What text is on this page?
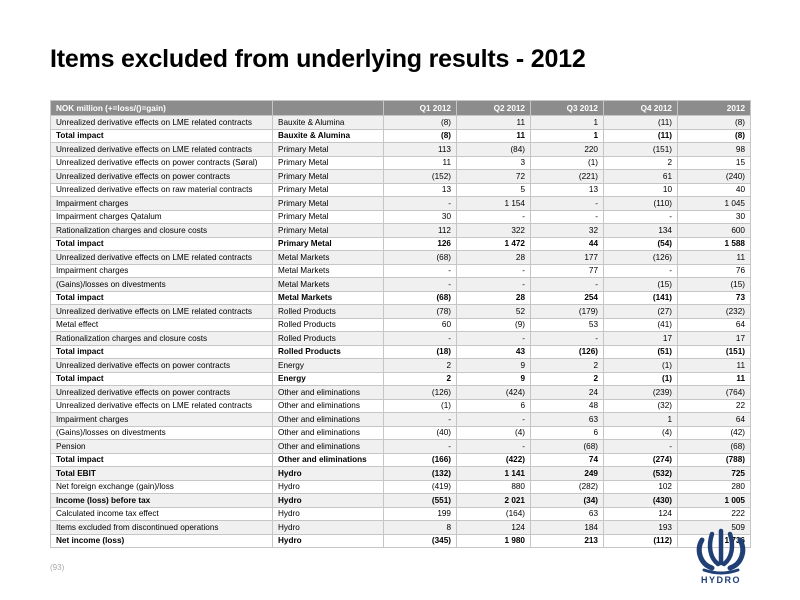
Items excluded from underlying results - 2012
NOK million (+=loss/()=gain)		Q1 2012	Q2 2012	Q3 2012	Q4 2012	2012
Unrealized derivative effects on LME related contracts	Bauxite & Alumina	(8)	11	1	(11)	(8)
Total impact	Bauxite & Alumina	(8)	11	1	(11)	(8)
Unrealized derivative effects on LME related contracts	Primary Metal	113	(84)	220	(151)	98
Unrealized derivative effects on power contracts (Søral)	Primary Metal	11	3	(1)	2	15
Unrealized derivative effects on power contracts	Primary Metal	(152)	72	(221)	61	(240)
Unrealized derivative effects on raw material contracts	Primary Metal	13	5	13	10	40
Impairment charges	Primary Metal	-	1 154	-	(110)	1 045
Impairment charges Qatalum	Primary Metal	30	-	-	-	30
Rationalization charges and closure costs	Primary Metal	112	322	32	134	600
Total impact	Primary Metal	126	1 472	44	(54)	1 588
Unrealized derivative effects on LME related contracts	Metal Markets	(68)	28	177	(126)	11
Impairment charges	Metal Markets	-	-	77	-	76
(Gains)/losses on divestments	Metal Markets	-	-	-	(15)	(15)
Total impact	Metal Markets	(68)	28	254	(141)	73
Unrealized derivative effects on LME related contracts	Rolled Products	(78)	52	(179)	(27)	(232)
Metal effect	Rolled Products	60	(9)	53	(41)	64
Rationalization charges and closure costs	Rolled Products	-	-	-	17	17
Total impact	Rolled Products	(18)	43	(126)	(51)	(151)
Unrealized derivative effects on power contracts	Energy	2	9	2	(1)	11
Total impact	Energy	2	9	2	(1)	11
Unrealized derivative effects on power contracts	Other and eliminations	(126)	(424)	24	(239)	(764)
Unrealized derivative effects on LME related contracts	Other and eliminations	(1)	6	48	(32)	22
Impairment charges	Other and eliminations	-	-	63	1	64
(Gains)/losses on divestments	Other and eliminations	(40)	(4)	6	(4)	(42)
Pension	Other and eliminations	-	-	(68)	-	(68)
Total impact	Other and eliminations	(166)	(422)	74	(274)	(788)
Total EBIT	Hydro	(132)	1 141	249	(532)	725
Net foreign exchange (gain)/loss	Hydro	(419)	880	(282)	102	280
Income (loss) before tax	Hydro	(551)	2 021	(34)	(430)	1 005
Calculated income tax effect	Hydro	199	(164)	63	124	222
Items excluded from discontinued operations	Hydro	8	124	184	193	509
Net income (loss)	Hydro	(345)	1 980	213	(112)	1 736
(93)
HYDRO
